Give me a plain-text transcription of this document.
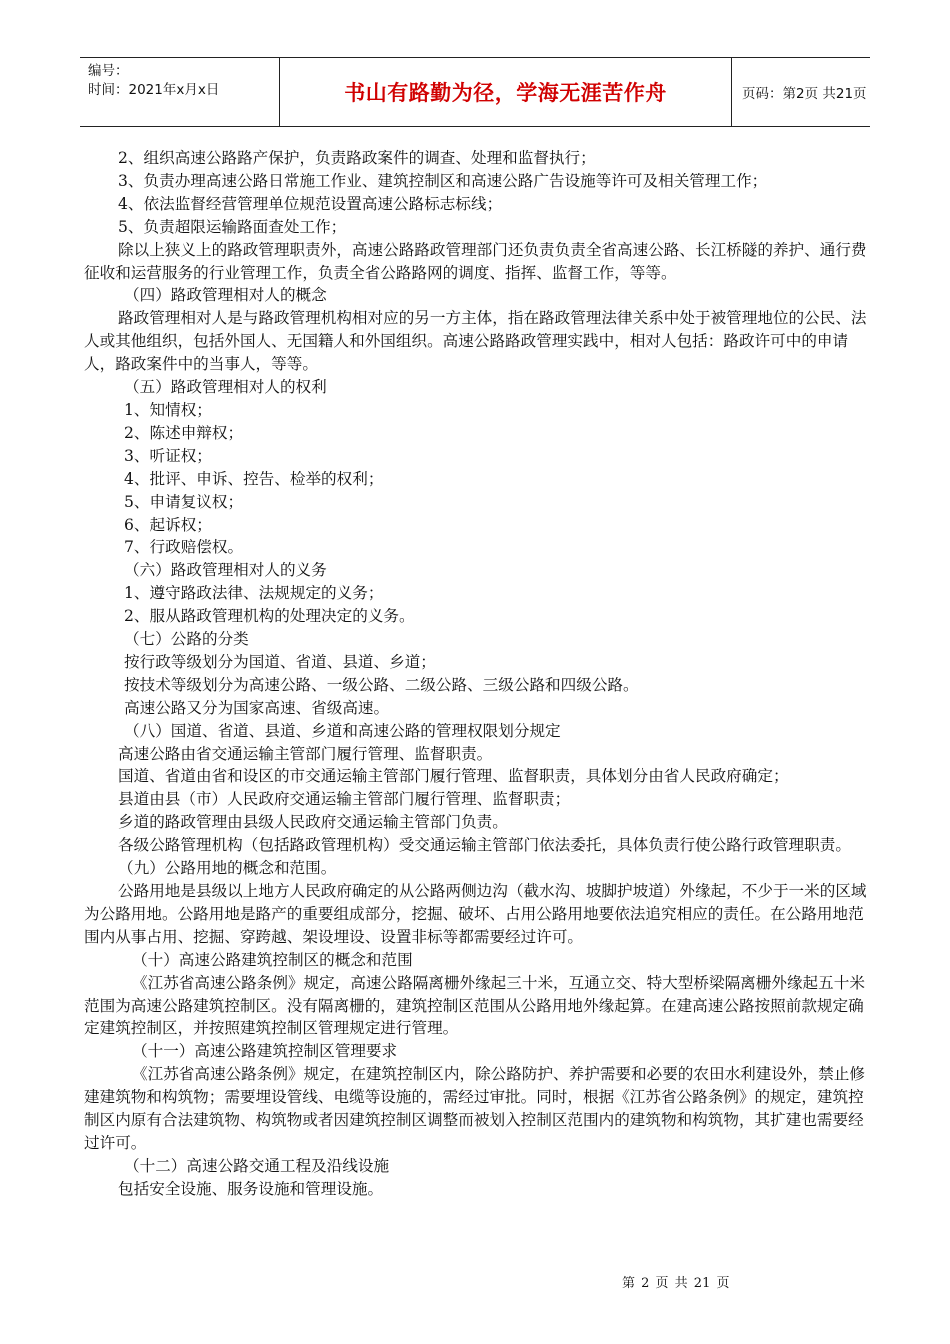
编号：
时间：2021年x月x日	书山有路勤为径，学海无涯苦作舟	页码：第2页 共21页

2、组织高速公路路产保护，负责路政案件的调查、处理和监督执行；

3、负责办理高速公路日常施工作业、建筑控制区和高速公路广告设施等许可及相关管理工作；

4、依法监督经营管理单位规范设置高速公路标志标线；

5、负责超限运输路面查处工作；

除以上狭义上的路政管理职责外，高速公路路政管理部门还负责负责全省高速公路、长江桥隧的养护、通行费征收和运营服务的行业管理工作，负责全省公路路网的调度、指挥、监督工作，等等。

（四）路政管理相对人的概念

路政管理相对人是与路政管理机构相对应的另一方主体，指在路政管理法律关系中处于被管理地位的公民、法人或其他组织，包括外国人、无国籍人和外国组织。高速公路路政管理实践中，相对人包括：路政许可中的申请人，路政案件中的当事人，等等。

（五）路政管理相对人的权利

1、知情权；

2、陈述申辩权；

3、听证权；

4、批评、申诉、控告、检举的权利；

5、申请复议权；

6、起诉权；

7、行政赔偿权。

（六）路政管理相对人的义务

1、遵守路政法律、法规规定的义务；

2、服从路政管理机构的处理决定的义务。

（七）公路的分类

按行政等级划分为国道、省道、县道、乡道；

按技术等级划分为高速公路、一级公路、二级公路、三级公路和四级公路。

高速公路又分为国家高速、省级高速。

（八）国道、省道、县道、乡道和高速公路的管理权限划分规定

高速公路由省交通运输主管部门履行管理、监督职责。

国道、省道由省和设区的市交通运输主管部门履行管理、监督职责，具体划分由省人民政府确定；

县道由县（市）人民政府交通运输主管部门履行管理、监督职责；

乡道的路政管理由县级人民政府交通运输主管部门负责。

各级公路管理机构（包括路政管理机构）受交通运输主管部门依法委托，具体负责行使公路行政管理职责。

（九）公路用地的概念和范围。

公路用地是县级以上地方人民政府确定的从公路两侧边沟（截水沟、坡脚护坡道）外缘起，不少于一米的区域为公路用地。公路用地是路产的重要组成部分，挖掘、破坏、占用公路用地要依法追究相应的责任。在公路用地范围内从事占用、挖掘、穿跨越、架设埋设、设置非标等都需要经过许可。

（十）高速公路建筑控制区的概念和范围

《江苏省高速公路条例》规定，高速公路隔离栅外缘起三十米，互通立交、特大型桥梁隔离栅外缘起五十米范围为高速公路建筑控制区。没有隔离栅的，建筑控制区范围从公路用地外缘起算。在建高速公路按照前款规定确定建筑控制区，并按照建筑控制区管理规定进行管理。

（十一）高速公路建筑控制区管理要求

《江苏省高速公路条例》规定，在建筑控制区内，除公路防护、养护需要和必要的农田水利建设外，禁止修建建筑物和构筑物；需要埋设管线、电缆等设施的，需经过审批。同时，根据《江苏省公路条例》的规定，建筑控制区内原有合法建筑物、构筑物或者因建筑控制区调整而被划入控制区范围内的建筑物和构筑物，其扩建也需要经过许可。

（十二）高速公路交通工程及沿线设施

包括安全设施、服务设施和管理设施。

第 2 页 共 21 页
